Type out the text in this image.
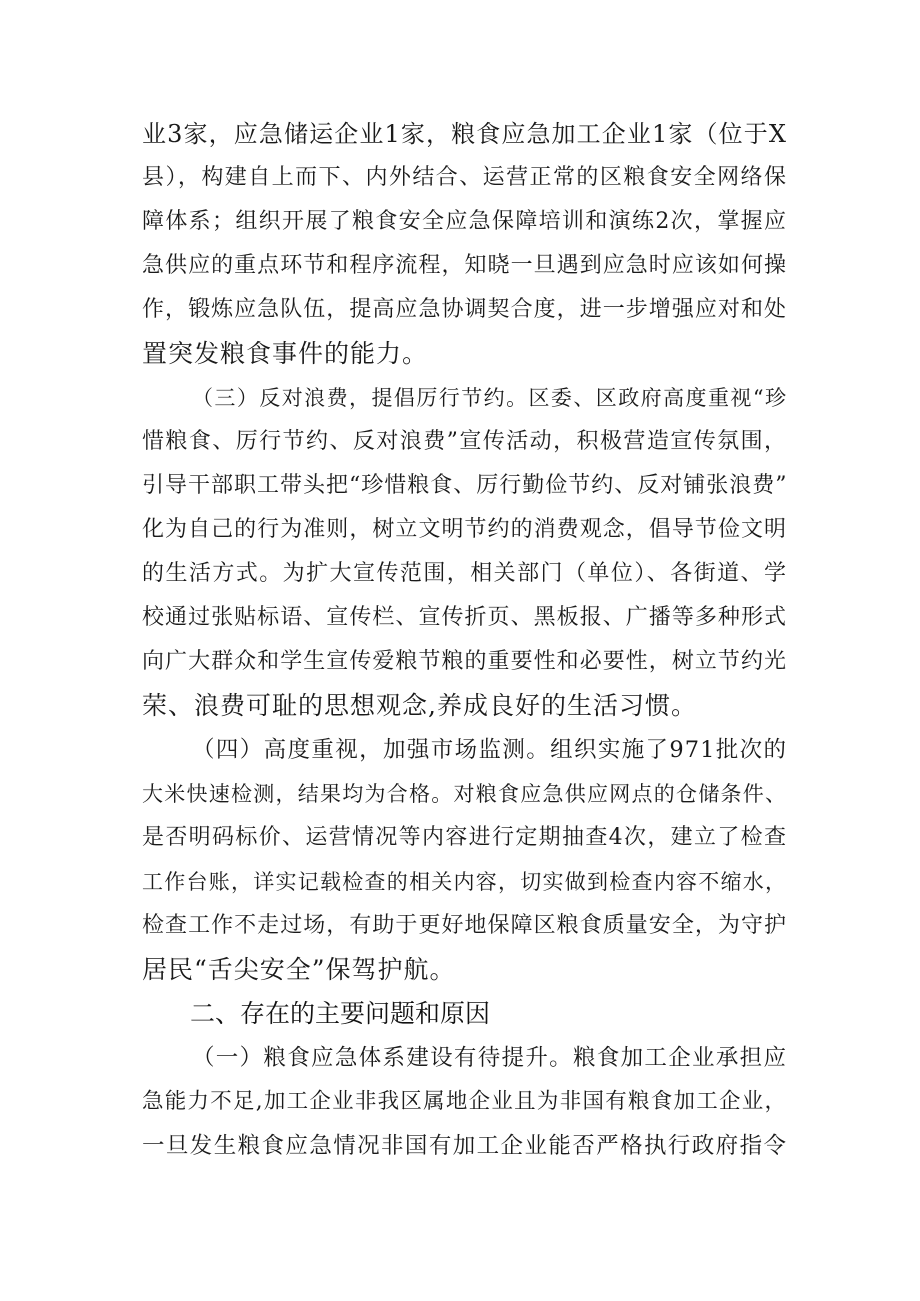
业3家，应急储运企业1家，粮食应急加工企业1家（位于X
县），构建自上而下、内外结合、运营正常的区粮食安全网络保
障体系；组织开展了粮食安全应急保障培训和演练2次，掌握应
急供应的重点环节和程序流程，知晓一旦遇到应急时应该如何操
作，锻炼应急队伍，提高应急协调契合度，进一步增强应对和处
置突发粮食事件的能力。
（三）反对浪费，提倡厉行节约。区委、区政府高度重视“珍
惜粮食、厉行节约、反对浪费”宣传活动，积极营造宣传氛围，
引导干部职工带头把“珍惜粮食、厉行勤俭节约、反对铺张浪费”
化为自己的行为准则，树立文明节约的消费观念，倡导节俭文明
的生活方式。为扩大宣传范围，相关部门（单位）、各街道、学
校通过张贴标语、宣传栏、宣传折页、黑板报、广播等多种形式
向广大群众和学生宣传爱粮节粮的重要性和必要性，树立节约光
荣、浪费可耻的思想观念,养成良好的生活习惯。
（四）高度重视，加强市场监测。组织实施了971批次的
大米快速检测，结果均为合格。对粮食应急供应网点的仓储条件、
是否明码标价、运营情况等内容进行定期抽查4次，建立了检查
工作台账，详实记载检查的相关内容，切实做到检查内容不缩水，
检查工作不走过场，有助于更好地保障区粮食质量安全，为守护
居民“舌尖安全”保驾护航。
二、存在的主要问题和原因
（一）粮食应急体系建设有待提升。粮食加工企业承担应
急能力不足,加工企业非我区属地企业且为非国有粮食加工企业，
一旦发生粮食应急情况非国有加工企业能否严格执行政府指令
